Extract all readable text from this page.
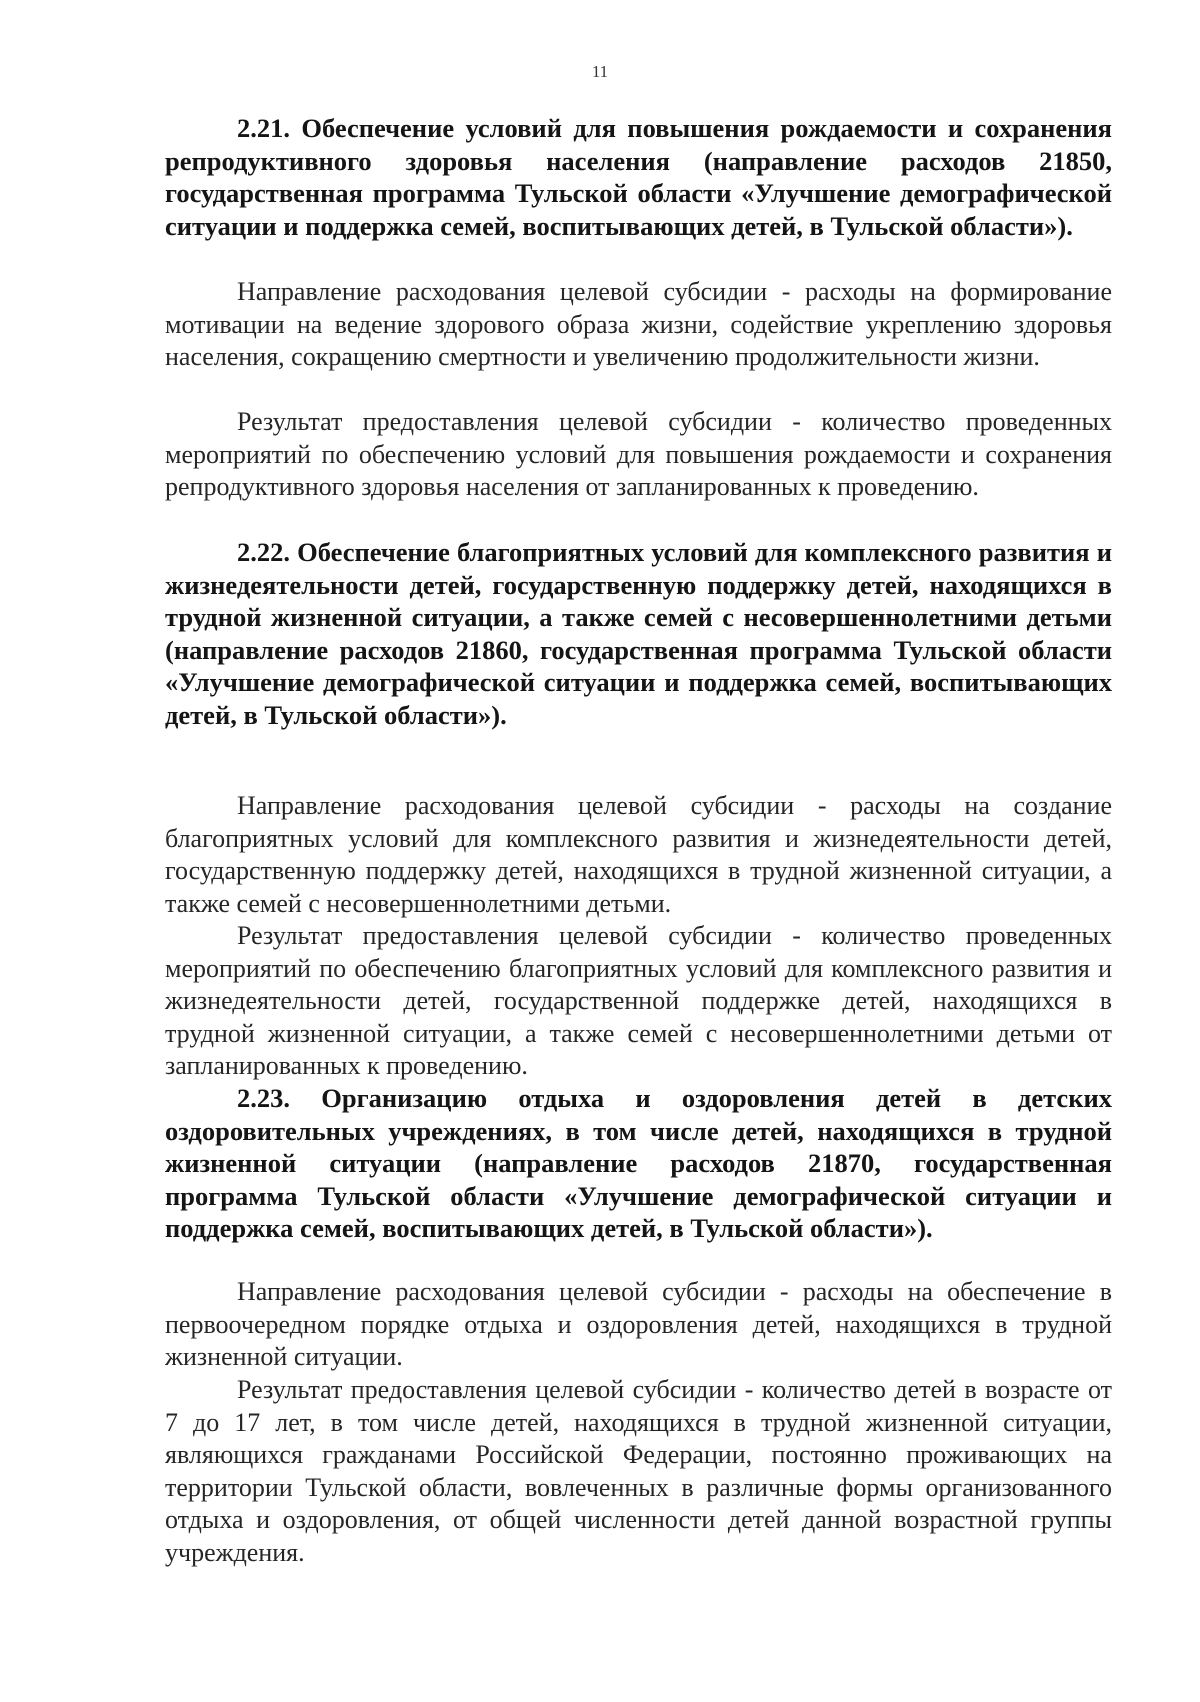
11

2.21. Обеспечение условий для повышения рождаемости и сохранения репродуктивного здоровья населения (направление расходов 21850, государственная программа Тульской области «Улучшение демографической ситуации и поддержка семей, воспитывающих детей, в Тульской области»).

Направление расходования целевой субсидии - расходы на формирование мотивации на ведение здорового образа жизни, содействие укреплению здоровья населения, сокращению смертности и увеличению продолжительности жизни.

Результат предоставления целевой субсидии - количество проведенных мероприятий по обеспечению условий для повышения рождаемости и сохранения репродуктивного здоровья населения от запланированных к проведению.

2.22. Обеспечение благоприятных условий для комплексного развития и жизнедеятельности детей, государственную поддержку детей, находящихся в трудной жизненной ситуации, а также семей с несовершеннолетними детьми (направление расходов 21860, государственная программа Тульской области «Улучшение демографической ситуации и поддержка семей, воспитывающих детей, в Тульской области»).

Направление расходования целевой субсидии - расходы на создание благоприятных условий для комплексного развития и жизнедеятельности детей, государственную поддержку детей, находящихся в трудной жизненной ситуации, а также семей с несовершеннолетними детьми.

Результат предоставления целевой субсидии - количество проведенных мероприятий по обеспечению благоприятных условий для комплексного развития и жизнедеятельности детей, государственной поддержке детей, находящихся в трудной жизненной ситуации, а также семей с несовершеннолетними детьми от запланированных к проведению.

2.23. Организацию отдыха и оздоровления детей в детских оздоровительных учреждениях, в том числе детей, находящихся в трудной жизненной ситуации (направление расходов 21870, государственная программа Тульской области «Улучшение демографической ситуации и поддержка семей, воспитывающих детей, в Тульской области»).

Направление расходования целевой субсидии - расходы на обеспечение в первоочередном порядке отдыха и оздоровления детей, находящихся в трудной жизненной ситуации.

Результат предоставления целевой субсидии - количество детей в возрасте от 7 до 17 лет, в том числе детей, находящихся в трудной жизненной ситуации, являющихся гражданами Российской Федерации, постоянно проживающих на территории Тульской области, вовлеченных в различные формы организованного отдыха и оздоровления, от общей численности детей данной возрастной группы учреждения.
